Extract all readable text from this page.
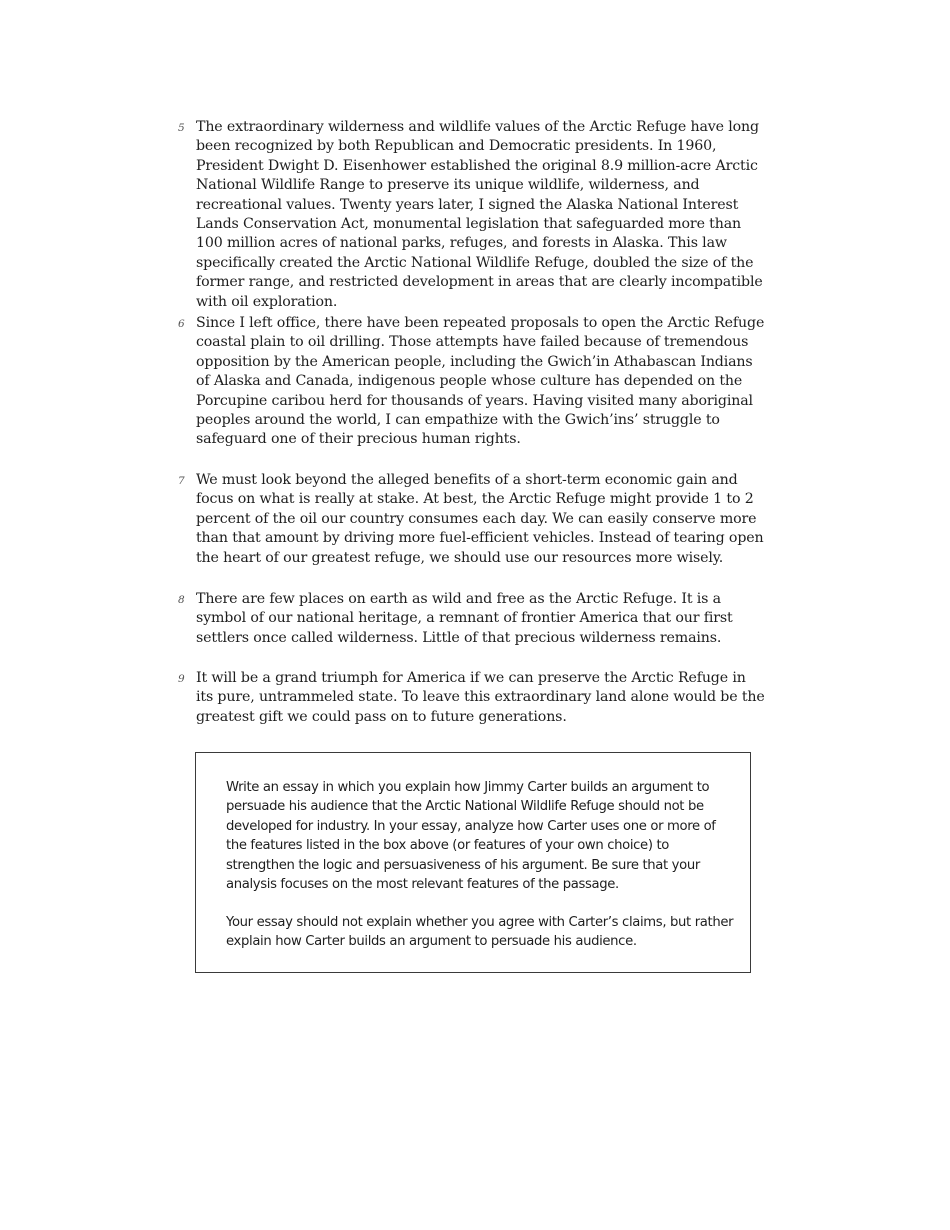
5 The extraordinary wilderness and wildlife values of the Arctic Refuge have long been recognized by both Republican and Democratic presidents. In 1960, President Dwight D. Eisenhower established the original 8.9 million-acre Arctic National Wildlife Range to preserve its unique wildlife, wilderness, and recreational values. Twenty years later, I signed the Alaska National Interest Lands Conservation Act, monumental legislation that safeguarded more than 100 million acres of national parks, refuges, and forests in Alaska. This law specifically created the Arctic National Wildlife Refuge, doubled the size of the former range, and restricted development in areas that are clearly incompatible with oil exploration.
6 Since I left office, there have been repeated proposals to open the Arctic Refuge coastal plain to oil drilling. Those attempts have failed because of tremendous opposition by the American people, including the Gwich’in Athabascan Indians of Alaska and Canada, indigenous people whose culture has depended on the Porcupine caribou herd for thousands of years. Having visited many aboriginal peoples around the world, I can empathize with the Gwich’ins’ struggle to safeguard one of their precious human rights.
7 We must look beyond the alleged benefits of a short-term economic gain and focus on what is really at stake. At best, the Arctic Refuge might provide 1 to 2 percent of the oil our country consumes each day. We can easily conserve more than that amount by driving more fuel-efficient vehicles. Instead of tearing open the heart of our greatest refuge, we should use our resources more wisely.
8 There are few places on earth as wild and free as the Arctic Refuge. It is a symbol of our national heritage, a remnant of frontier America that our first settlers once called wilderness. Little of that precious wilderness remains.
9 It will be a grand triumph for America if we can preserve the Arctic Refuge in its pure, untrammeled state. To leave this extraordinary land alone would be the greatest gift we could pass on to future generations.
Write an essay in which you explain how Jimmy Carter builds an argument to persuade his audience that the Arctic National Wildlife Refuge should not be developed for industry. In your essay, analyze how Carter uses one or more of the features listed in the box above (or features of your own choice) to strengthen the logic and persuasiveness of his argument. Be sure that your analysis focuses on the most relevant features of the passage.
Your essay should not explain whether you agree with Carter’s claims, but rather explain how Carter builds an argument to persuade his audience.
